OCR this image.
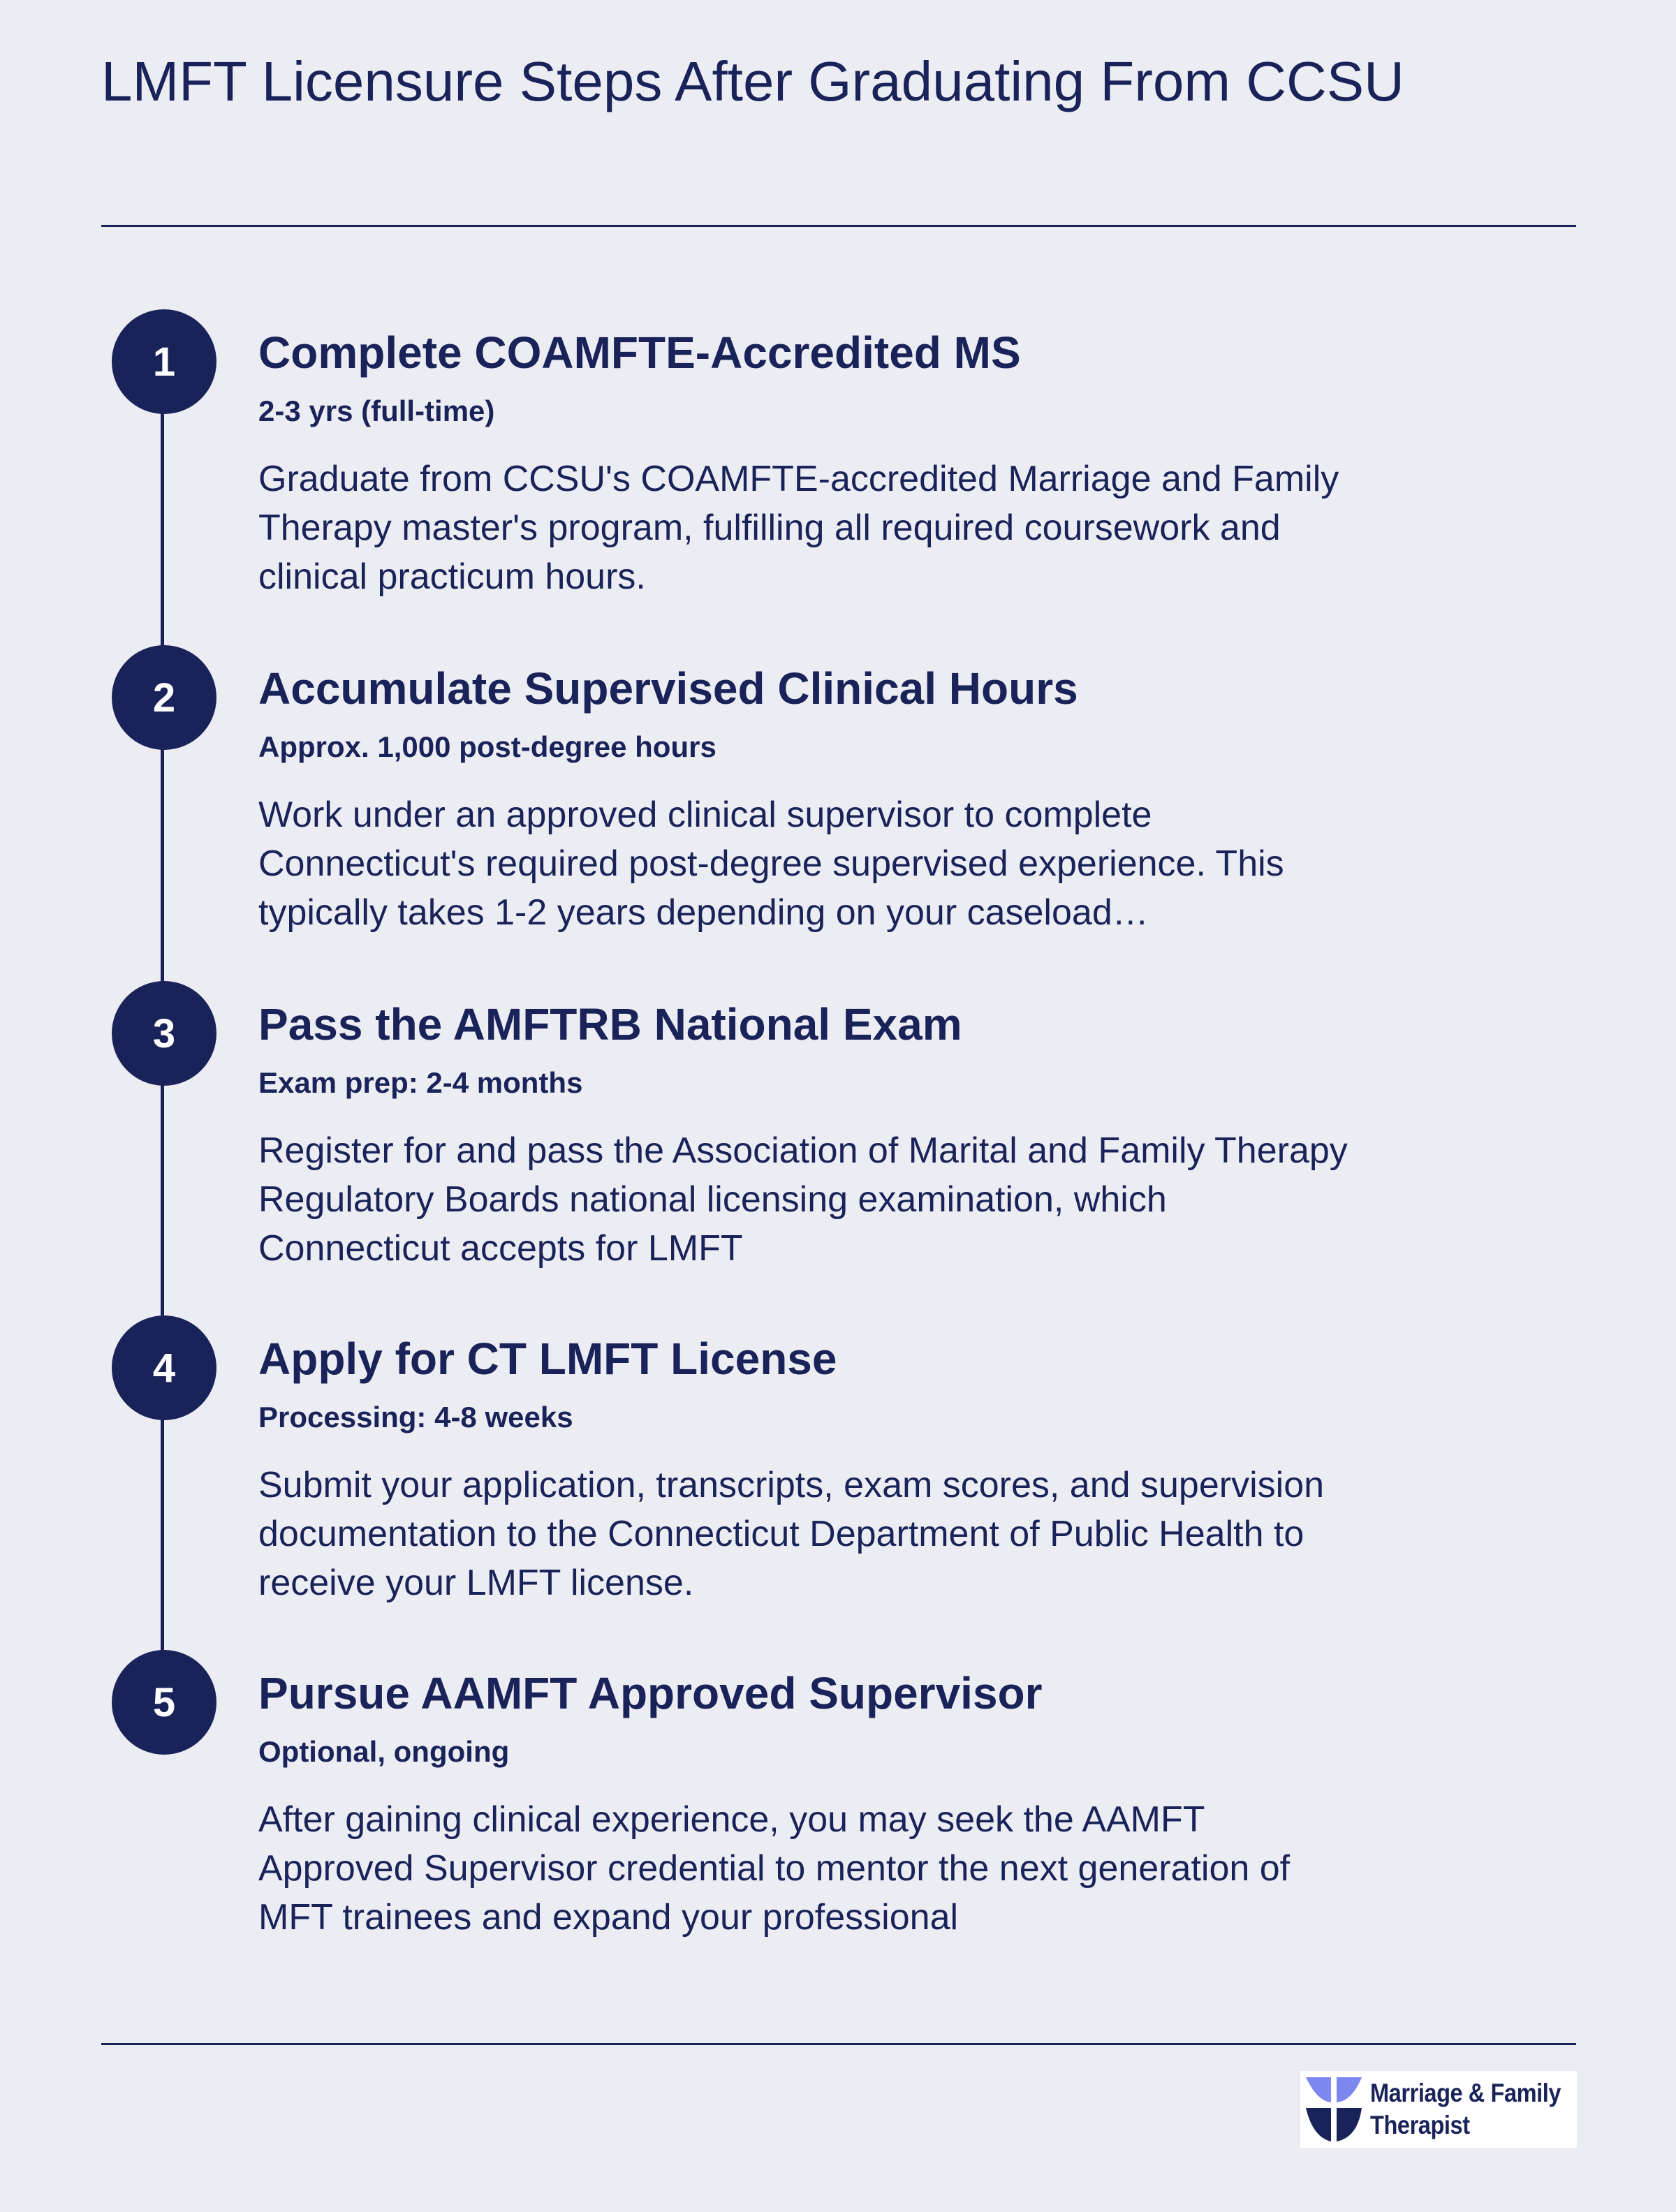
LMFT Licensure Steps After Graduating From CCSU
1	Complete COAMFTE-Accredited MS
2-3 yrs (full-time)
Graduate from CCSU's COAMFTE-accredited Marriage and Family Therapy master's program, fulfilling all required coursework and clinical practicum hours.
2	Accumulate Supervised Clinical Hours
Approx. 1,000 post-degree hours
Work under an approved clinical supervisor to complete Connecticut's required post-degree supervised experience. This typically takes 1-2 years depending on your caseload…
3	Pass the AMFTRB National Exam
Exam prep: 2-4 months
Register for and pass the Association of Marital and Family Therapy Regulatory Boards national licensing examination, which Connecticut accepts for LMFT
4	Apply for CT LMFT License
Processing: 4-8 weeks
Submit your application, transcripts, exam scores, and supervision documentation to the Connecticut Department of Public Health to receive your LMFT license.
5	Pursue AAMFT Approved Supervisor
Optional, ongoing
After gaining clinical experience, you may seek the AAMFT Approved Supervisor credential to mentor the next generation of MFT trainees and expand your professional
Marriage & Family
Therapist
